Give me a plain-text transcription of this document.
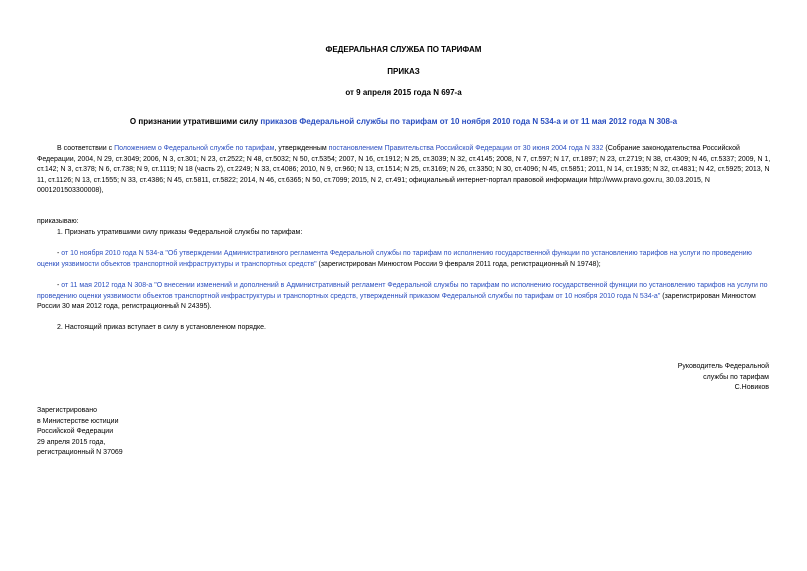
ФЕДЕРАЛЬНАЯ СЛУЖБА ПО ТАРИФАМ
ПРИКАЗ
от 9 апреля 2015 года N 697-а
О признании утратившими силу приказов Федеральной службы по тарифам от 10 ноября 2010 года N 534-а и от 11 мая 2012 года N 308-а
В соответствии с Положением о Федеральной службе по тарифам, утвержденным постановлением Правительства Российской Федерации от 30 июня 2004 года N 332 (Собрание законодательства Российской Федерации, 2004, N 29, ст.3049; 2006, N 3, ст.301; N 23, ст.2522; N 48, ст.5032; N 50, ст.5354; 2007, N 16, ст.1912; N 25, ст.3039; N 32, ст.4145; 2008, N 7, ст.597; N 17, ст.1897; N 23, ст.2719; N 38, ст.4309; N 46, ст.5337; 2009, N 1, ст.142; N 3, ст.378; N 6, ст.738; N 9, ст.1119; N 18 (часть 2), ст.2249; N 33, ст.4086; 2010, N 9, ст.960; N 13, ст.1514; N 25, ст.3169; N 26, ст.3350; N 30, ст.4096; N 45, ст.5851; 2011, N 14, ст.1935; N 32, ст.4831; N 42, ст.5925; 2013, N 11, ст.1126; N 13, ст.1555; N 33, ст.4386; N 45, ст.5811, ст.5822; 2014, N 46, ст.6365; N 50, ст.7099; 2015, N 2, ст.491; официальный интернет-портал правовой информации http://www.pravo.gov.ru, 30.03.2015, N 0001201503300008),
приказываю:
1. Признать утратившими силу приказы Федеральной службы по тарифам:
- от 10 ноября 2010 года N 534-а "Об утверждении Административного регламента Федеральной службы по тарифам по исполнению государственной функции по установлению тарифов на услуги по проведению оценки уязвимости объектов транспортной инфраструктуры и транспортных средств" (зарегистрирован Минюстом России 9 февраля 2011 года, регистрационный N 19748);
- от 11 мая 2012 года N 308-а "О внесении изменений и дополнений в Административный регламент Федеральной службы по тарифам по исполнению государственной функции по установлению тарифов на услуги по проведению оценки уязвимости объектов транспортной инфраструктуры и транспортных средств, утвержденный приказом Федеральной службы по тарифам от 10 ноября 2010 года N 534-а" (зарегистрирован Минюстом России 30 мая 2012 года, регистрационный N 24395).
2. Настоящий приказ вступает в силу в установленном порядке.
Руководитель Федеральной
службы по тарифам
С.Новиков
Зарегистрировано
в Министерстве юстиции
Российской Федерации
29 апреля 2015 года,
регистрационный N 37069
